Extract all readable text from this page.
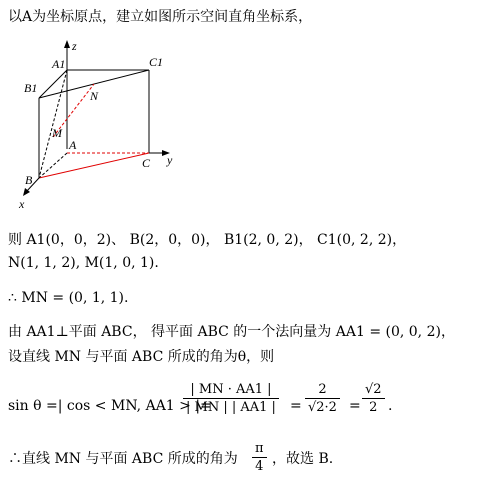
以A为坐标原点，建立如图所示空间直角坐标系，
z
A1	C1
B1
N
M
A
C y
B
x
则 A1(0，0，2)、 B(2，0，0)， B1(2, 0, 2)， C1(0, 2, 2)，
N(1, 1, 2), M(1, 0, 1).
∴ MN = (0, 1, 1).
由 AA1⊥平面 ABC， 得平面 ABC 的一个法向量为 AA1 = (0, 0, 2)，
设直线 MN 与平面 ABC 所成的角为θ，则
sin θ =| cos < MN, AA1 > |=
$\frac{| MN \cdot AA1 |}{| MN | | AA1 |} = \frac{2}{√2\cdot 2} = \frac{√2}{2}$ .
∴直线 MN 与平面 ABC 所成的角为 $\frac{\pi}{4}$ ，故选 B.
